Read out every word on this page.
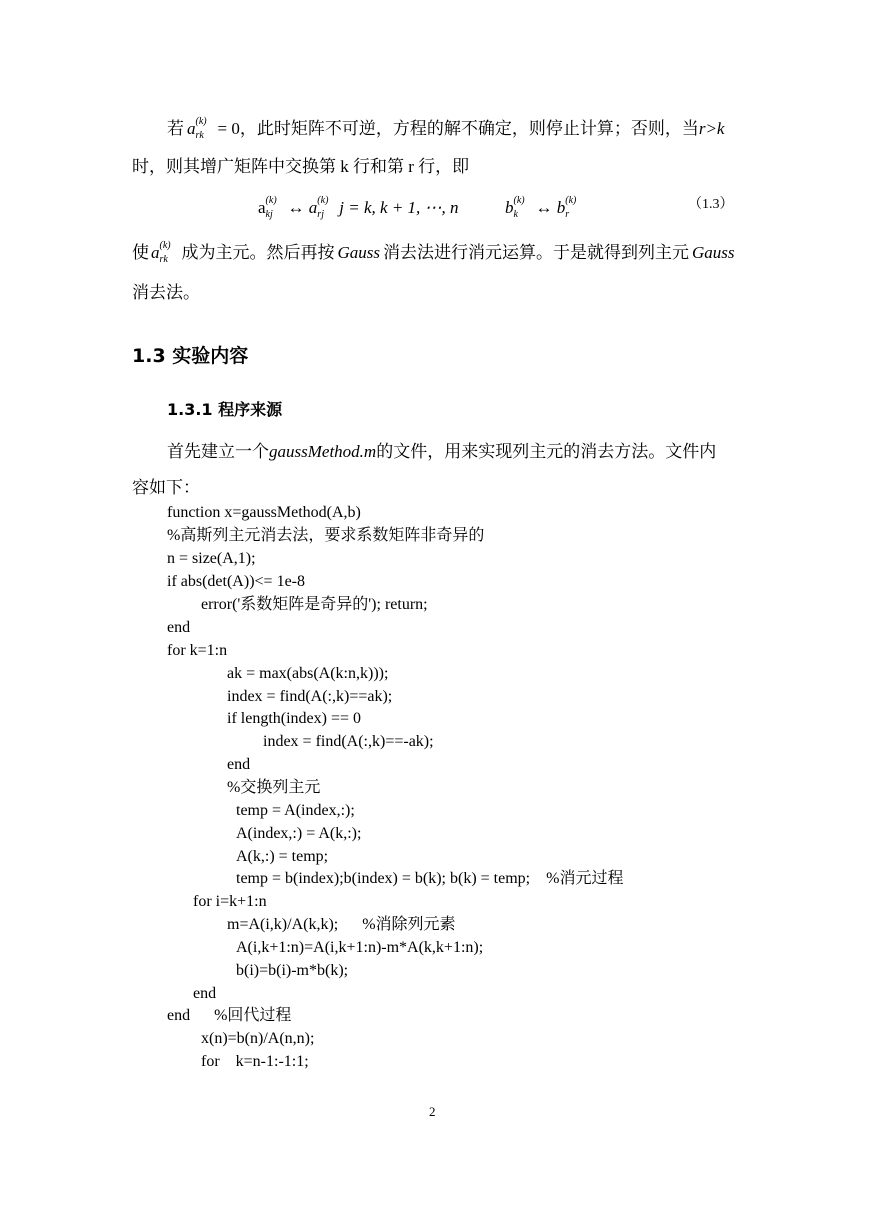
若 a (k)
rk = 0，此时矩阵不可逆，方程的解不确定，则停止计算；否则，当r>k
时，则其增广矩阵中交换第 k 行和第 r 行，即
a (k)
kj ↔ a (k)
rj j = k, k + 1, ⋯, n	b (k)
k ↔ b (k)
r
（1.3）
使 a (k)
rk 成为主元。然后再按 Gauss 消去法进行消元运算。于是就得到列主元 Gauss
消去法。
1.3 实验内容
1.3.1 程序来源
首先建立一个gaussMethod.m的文件，用来实现列主元的消去方法。文件内
容如下：
function x=gaussMethod(A,b)
%高斯列主元消去法，要求系数矩阵非奇异的
n = size(A,1);
if abs(det(A))<= 1e-8
error('系数矩阵是奇异的'); return;
end
for k=1:n
ak = max(abs(A(k:n,k)));
index = find(A(:,k)==ak);
if length(index) == 0
index = find(A(:,k)==-ak);
end
%交换列主元
temp = A(index,:);
A(index,:) = A(k,:);
A(k,:) = temp;
temp = b(index);b(index) = b(k); b(k) = temp;    %消元过程
for i=k+1:n
m=A(i,k)/A(k,k);      %消除列元素
A(i,k+1:n)=A(i,k+1:n)-m*A(k,k+1:n);
b(i)=b(i)-m*b(k);
end
end      %回代过程
x(n)=b(n)/A(n,n);
for    k=n-1:-1:1;
2
